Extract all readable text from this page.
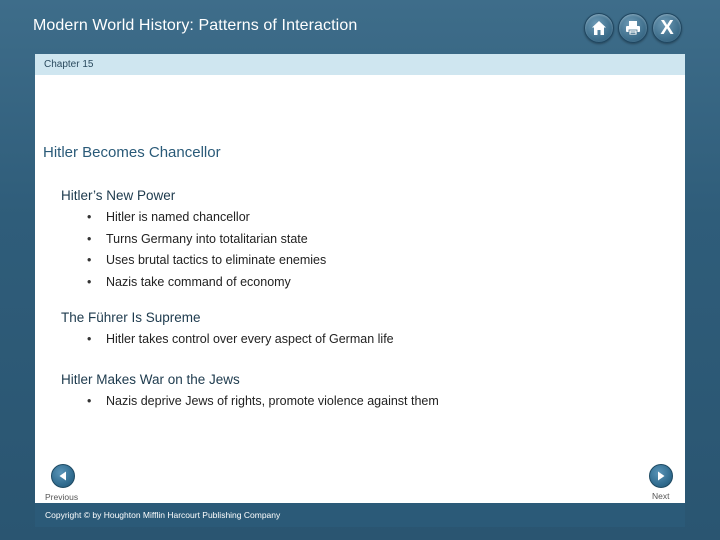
Modern World History: Patterns of Interaction	X
Chapter 15
Hitler Becomes Chancellor
Hitler’s New Power
• Hitler is named chancellor
• Turns Germany into totalitarian state
• Uses brutal tactics to eliminate enemies
• Nazis take command of economy
The Führer Is Supreme
• Hitler takes control over every aspect of German life
Hitler Makes War on the Jews
• Nazis deprive Jews of rights, promote violence against them
Previous	Next
Copyright © by Houghton Mifflin Harcourt Publishing Company
